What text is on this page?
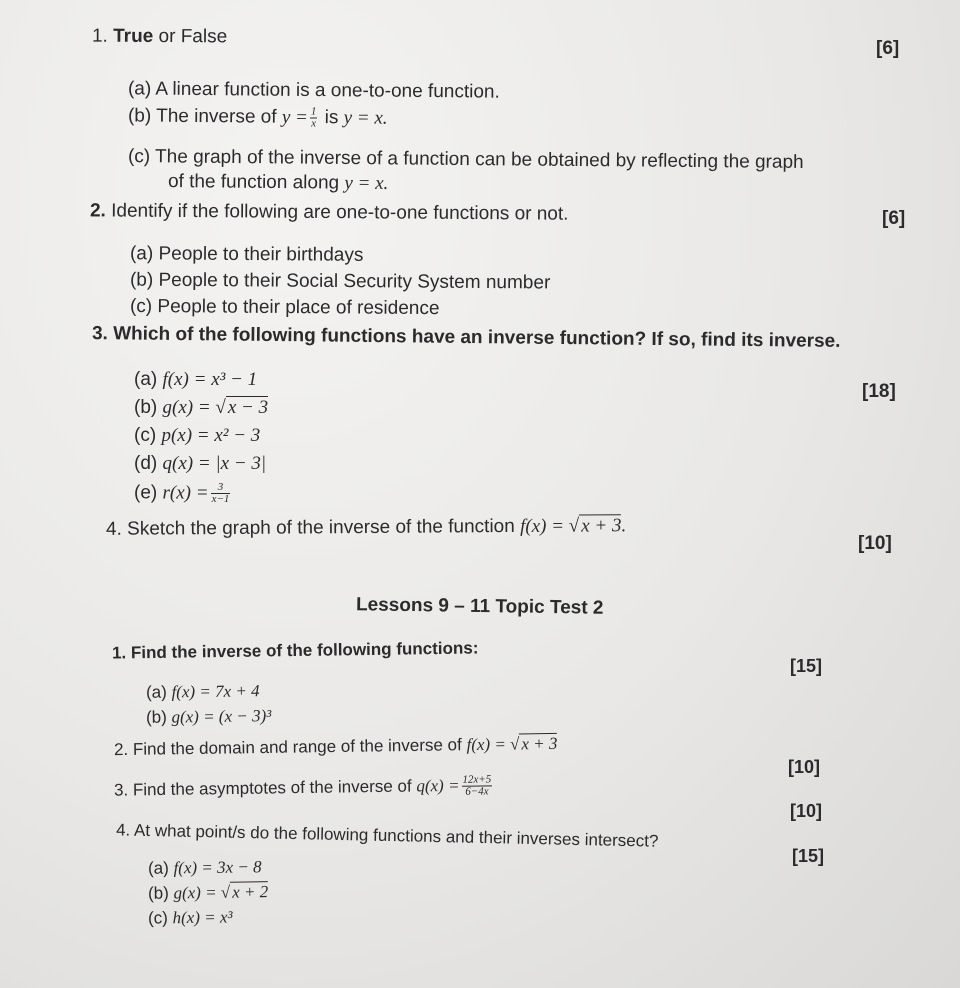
1. True or False
[6]
(a) A linear function is a one-to-one function.
(b) The inverse of $y = \frac{1}{x}$ is y = x.
(c) The graph of the inverse of a function can be obtained by reflecting the graph
of the function along y = x.
2. Identify if the following are one-to-one functions or not.	[6]
(a) People to their birthdays
(b) People to their Social Security System number
(c) People to their place of residence
3. Which of the following functions have an inverse function? If so, find its inverse.
[18]
(a) f(x) = x³ − 1
(b) g(x) = √ x − 3
(c) p(x) = x² − 3
(d) q(x) = |x − 3|
(e) $r(x) = \frac{3}{x-1}$
4. Sketch the graph of the inverse of the function f(x) = √x + 3.
[10]
Lessons 9 – 11 Topic Test 2
1. Find the inverse of the following functions:
[15]
(a) f(x) = 7x + 4
(b) g(x) = (x − 3)³
2. Find the domain and range of the inverse of f(x) = √ x + 3
[10]
3. Find the asymptotes of the inverse of $q(x) = \frac{12x+5}{6-4x}$
[10]
4. At what point/s do the following functions and their inverses intersect?
[15]
(a) f(x) = 3x − 8
(b) g(x) = √ x + 2
(c) h(x) = x³
